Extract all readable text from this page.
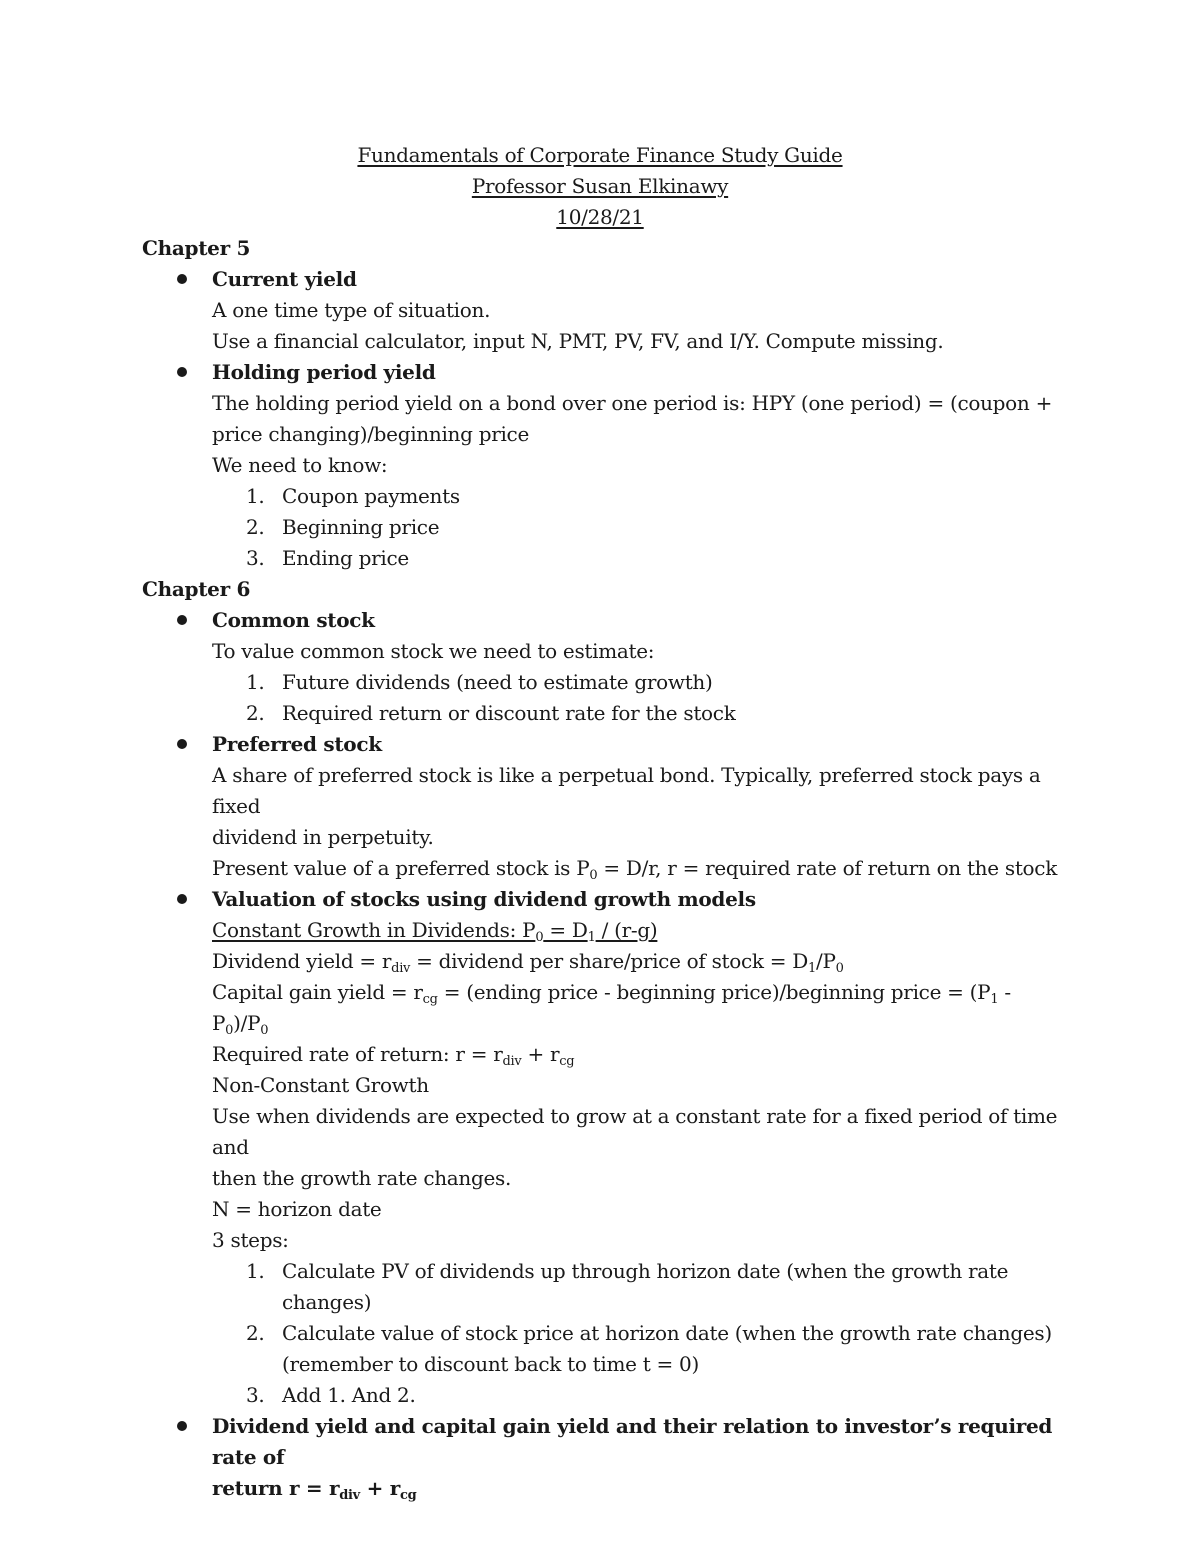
Fundamentals of Corporate Finance Study Guide
Professor Susan Elkinawy
10/28/21
Chapter 5
Current yield
A one time type of situation.
Use a financial calculator, input N, PMT, PV, FV, and I/Y. Compute missing.
Holding period yield
The holding period yield on a bond over one period is: HPY (one period) = (coupon +
price changing)/beginning price
We need to know:
1. Coupon payments
2. Beginning price
3. Ending price
Chapter 6
Common stock
To value common stock we need to estimate:
1. Future dividends (need to estimate growth)
2. Required return or discount rate for the stock
Preferred stock
A share of preferred stock is like a perpetual bond. Typically, preferred stock pays a fixed
dividend in perpetuity.
Present value of a preferred stock is $P_0 = D/r$, r = required rate of return on the stock
Valuation of stocks using dividend growth models
Constant Growth in Dividends: $P_0 = D_1 / (r-g)$
Dividend yield = $r_{div}$ = dividend per share/price of stock = $D_1/P_0$
Capital gain yield = $r_{cg}$ = (ending price - beginning price)/beginning price = $(P_1 - P_0)/P_0$
Required rate of return: $r = r_{div} + r_{cg}$
Non-Constant Growth
Use when dividends are expected to grow at a constant rate for a fixed period of time and
then the growth rate changes.
N = horizon date
3 steps:
1. Calculate PV of dividends up through horizon date (when the growth rate
changes)
2. Calculate value of stock price at horizon date (when the growth rate changes)
(remember to discount back to time t = 0)
3. Add 1. And 2.
Dividend yield and capital gain yield and their relation to investor’s required rate of
return $r = r_{div} + r_{cg}$
